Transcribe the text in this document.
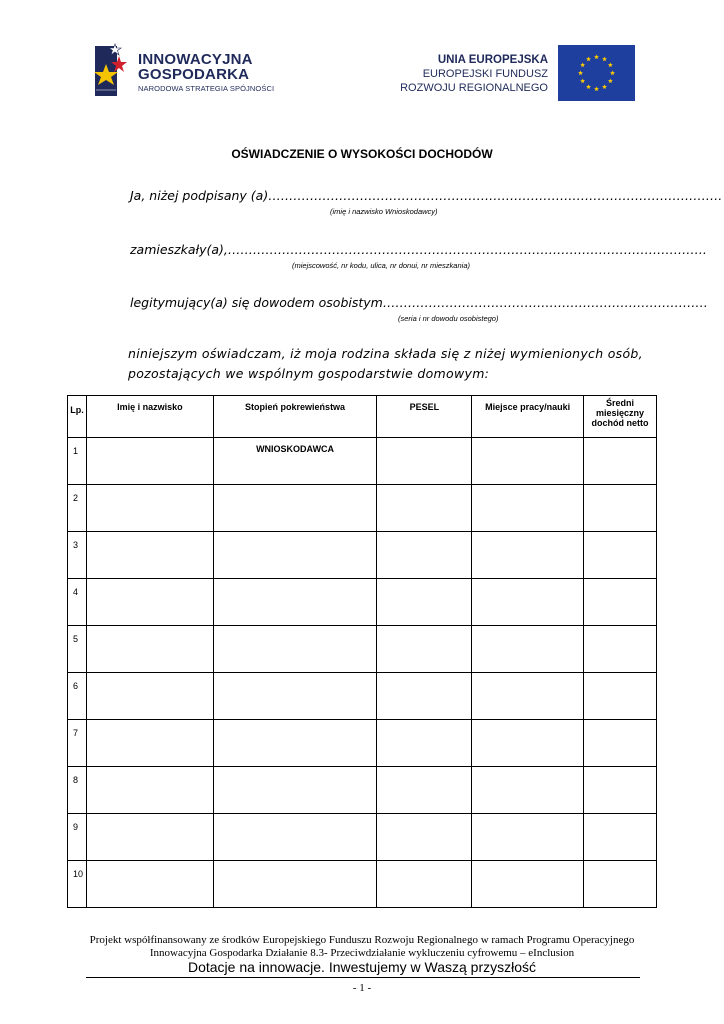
INNOWACYJNA
GOSPODARKA
NARODOWA STRATEGIA SPÓJNOŚCI
UNIA EUROPEJSKA
EUROPEJSKI FUNDUSZ
ROZWOJU REGIONALNEGO
OŚWIADCZENIE O WYSOKOŚCI DOCHODÓW
Ja, niżej podpisany (a)……………………………………………………………………………………………….
(imię i nazwisko Wnioskodawcy)
zamieszkały(a),…………………………………………………………………………………………………….
(miejscowość, nr kodu, ulica, nr donui, nr mieszkania)
legitymujący(a) się dowodem osobistym……………………………………………………………………
(seria i nr dowodu osobistego)
niniejszym oświadczam, iż moja rodzina składa się z niżej wymienionych osób,
pozostających we wspólnym gospodarstwie domowym:
Lp.	Imię i nazwisko	Stopień pokrewieństwa	PESEL	Miejsce pracy/nauki	Średni miesięczny dochód netto
1		WNIOSKODAWCA			
2					
3					
4					
5					
6					
7					
8					
9					
10					
Projekt współfinansowany ze środków Europejskiego Funduszu Rozwoju Regionalnego w ramach Programu Operacyjnego
Innowacyjna Gospodarka Działanie 8.3- Przeciwdziałanie wykluczeniu cyfrowemu – eInclusion
Dotacje na innowacje. Inwestujemy w Waszą przyszłość
- 1 -
